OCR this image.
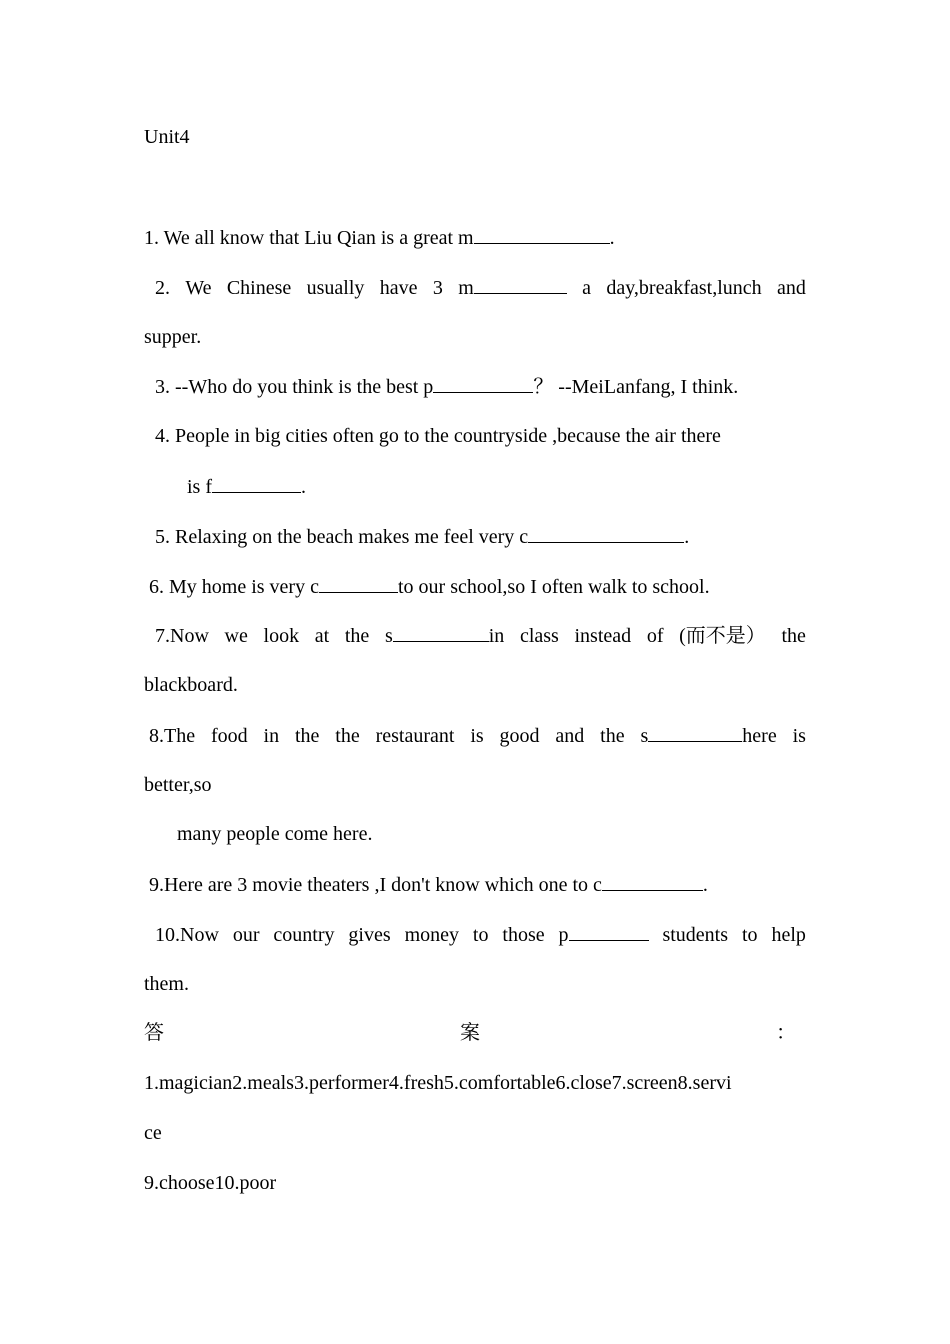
Unit4
1. We all know that Liu Qian is a great m	.
2. We Chinese usually have 3 m	a day,breakfast,lunch and
supper.
3. --Who do you think is the best p	？ --MeiLanfang, I think.
4. People in big cities often go to the countryside ,because the air there
is f	.
5. Relaxing on the beach makes me feel very c	.
6. My home is very c	to our school,so I often walk to school.
7.Now we look at the s	in class instead of (而不是） the
blackboard.
8.The food in the the restaurant is good and the s	here is
better,so
many people come here.
9.Here are 3 movie theaters ,I don't know which one to c	.
10.Now our country gives money to those p	students to help
them.
答	案	：
1.magician2.meals3.performer4.fresh5.comfortable6.close7.screen8.servi
ce
9.choose10.poor
